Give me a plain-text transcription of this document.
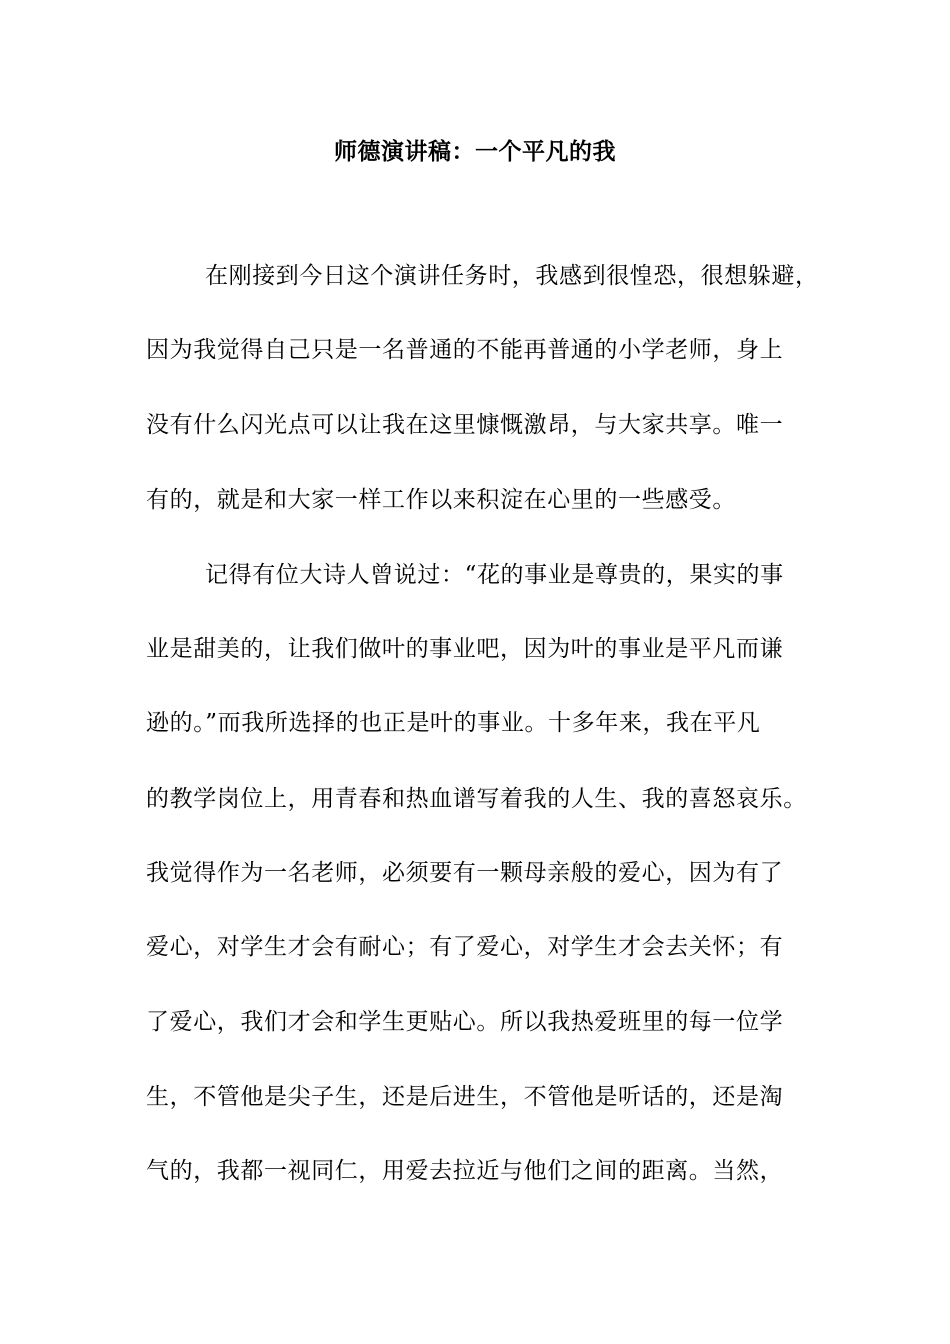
师德演讲稿：一个平凡的我

在刚接到今日这个演讲任务时，我感到很惶恐，很想躲避，

因为我觉得自己只是一名普通的不能再普通的小学老师，身上

没有什么闪光点可以让我在这里慷慨激昂，与大家共享。唯一

有的，就是和大家一样工作以来积淀在心里的一些感受。

记得有位大诗人曾说过：“花的事业是尊贵的，果实的事

业是甜美的，让我们做叶的事业吧，因为叶的事业是平凡而谦

逊的。”而我所选择的也正是叶的事业。十多年来，我在平凡

的教学岗位上，用青春和热血谱写着我的人生、我的喜怒哀乐。

我觉得作为一名老师，必须要有一颗母亲般的爱心，因为有了

爱心，对学生才会有耐心；有了爱心，对学生才会去关怀；有

了爱心，我们才会和学生更贴心。所以我热爱班里的每一位学

生，不管他是尖子生，还是后进生，不管他是听话的，还是淘

气的，我都一视同仁，用爱去拉近与他们之间的距离。当然，
